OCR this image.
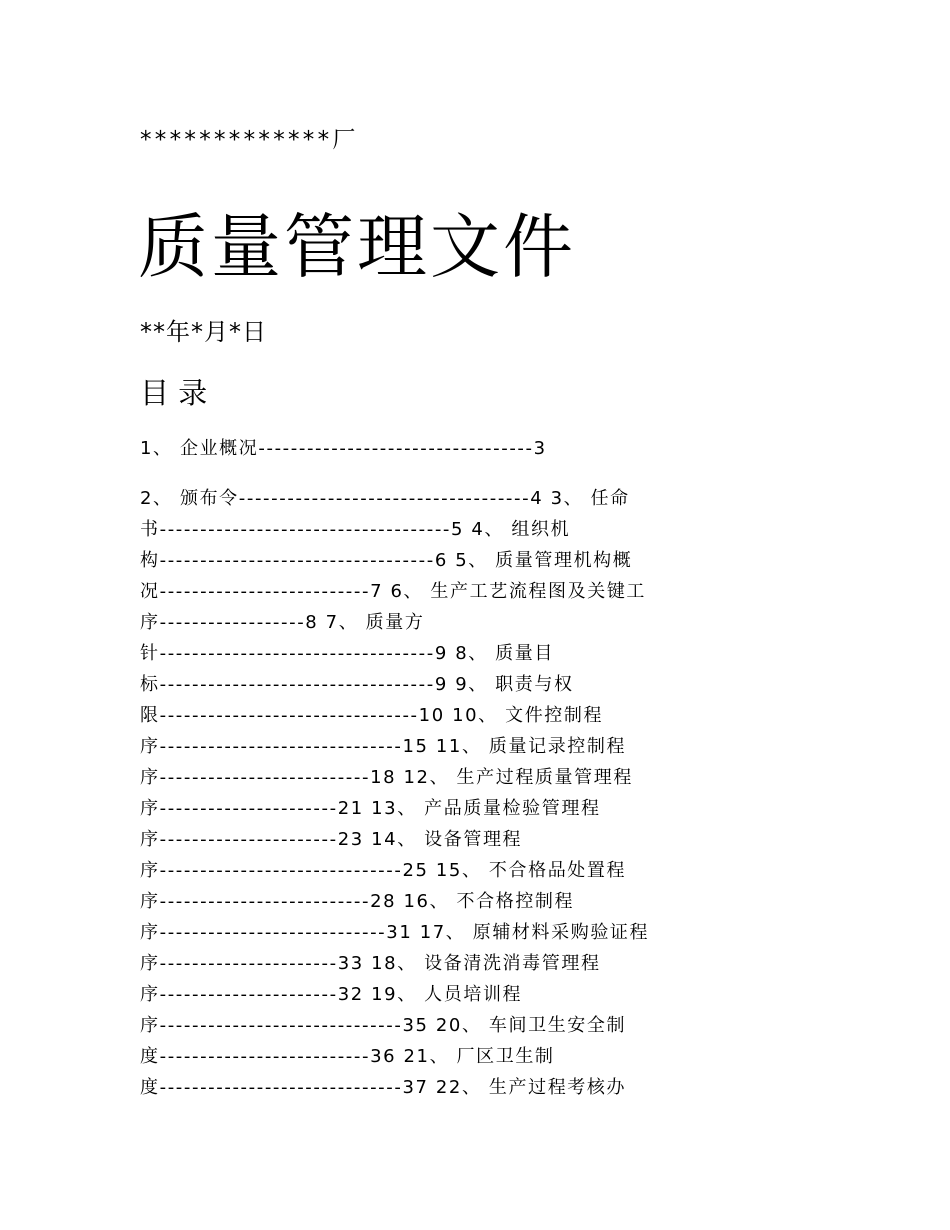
*************厂
质量管理文件
**年*月*日
目 录
1、 企业概况----------------------------------3
2、 颁布令------------------------------------4 3、 任命
书------------------------------------5 4、 组织机
构----------------------------------6 5、 质量管理机构概
况--------------------------7 6、 生产工艺流程图及关键工
序------------------8 7、 质量方
针----------------------------------9 8、 质量目
标----------------------------------9 9、 职责与权
限--------------------------------10 10、 文件控制程
序------------------------------15 11、 质量记录控制程
序--------------------------18 12、 生产过程质量管理程
序----------------------21 13、 产品质量检验管理程
序----------------------23 14、 设备管理程
序------------------------------25 15、 不合格品处置程
序--------------------------28 16、 不合格控制程
序----------------------------31 17、 原辅材料采购验证程
序----------------------33 18、 设备清洗消毒管理程
序----------------------32 19、 人员培训程
序------------------------------35 20、 车间卫生安全制
度--------------------------36 21、 厂区卫生制
度------------------------------37 22、 生产过程考核办
